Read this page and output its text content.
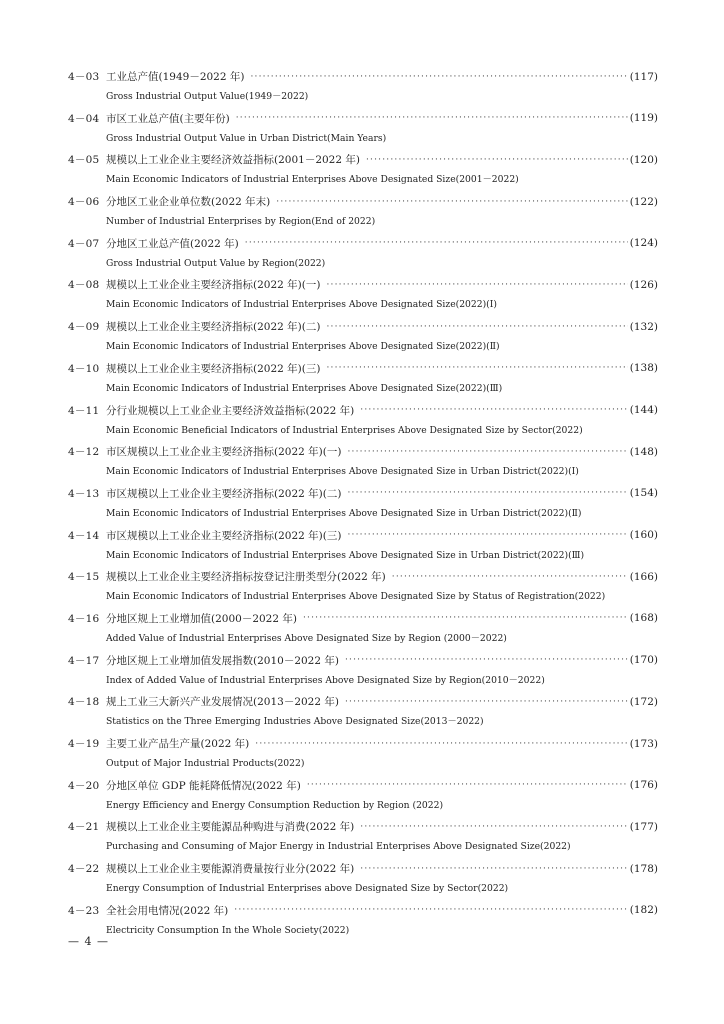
4－03 工业总产值(1949－2022 年) ·····	(117)
Gross Industrial Output Value(1949－2022)
4－04 市区工业总产值(主要年份) ·····	(119)
Gross Industrial Output Value in Urban District(Main Years)
4－05 规模以上工业企业主要经济效益指标(2001－2022 年) ·····	(120)
Main Economic Indicators of Industrial Enterprises Above Designated Size(2001－2022)
4－06 分地区工业企业单位数(2022 年末) ·····	(122)
Number of Industrial Enterprises by Region(End of 2022)
4－07 分地区工业总产值(2022 年) ·····	(124)
Gross Industrial Output Value by Region(2022)
4－08 规模以上工业企业主要经济指标(2022 年)(一) ·····	(126)
Main Economic Indicators of Industrial Enterprises Above Designated Size(2022)(Ⅰ)
4－09 规模以上工业企业主要经济指标(2022 年)(二) ·····	(132)
Main Economic Indicators of Industrial Enterprises Above Designated Size(2022)(Ⅱ)
4－10 规模以上工业企业主要经济指标(2022 年)(三) ·····	(138)
Main Economic Indicators of Industrial Enterprises Above Designated Size(2022)(Ⅲ)
4－11 分行业规模以上工业企业主要经济效益指标(2022 年) ·····	(144)
Main Economic Beneficial Indicators of Industrial Enterprises Above Designated Size by Sector(2022)
4－12 市区规模以上工业企业主要经济指标(2022 年)(一) ·····	(148)
Main Economic Indicators of Industrial Enterprises Above Designated Size in Urban District(2022)(Ⅰ)
4－13 市区规模以上工业企业主要经济指标(2022 年)(二) ·····	(154)
Main Economic Indicators of Industrial Enterprises Above Designated Size in Urban District(2022)(Ⅱ)
4－14 市区规模以上工业企业主要经济指标(2022 年)(三) ·····	(160)
Main Economic Indicators of Industrial Enterprises Above Designated Size in Urban District(2022)(Ⅲ)
4－15 规模以上工业企业主要经济指标按登记注册类型分(2022 年) ·····	(166)
Main Economic Indicators of Industrial Enterprises Above Designated Size by Status of Registration(2022)
4－16 分地区规上工业增加值(2000－2022 年) ·····	(168)
Added Value of Industrial Enterprises Above Designated Size by Region (2000－2022)
4－17 分地区规上工业增加值发展指数(2010－2022 年) ·····	(170)
Index of Added Value of Industrial Enterprises Above Designated Size by Region(2010－2022)
4－18 规上工业三大新兴产业发展情况(2013－2022 年) ·····	(172)
Statistics on the Three Emerging Industries Above Designated Size(2013－2022)
4－19 主要工业产品生产量(2022 年) ·····	(173)
Output of Major Industrial Products(2022)
4－20 分地区单位 GDP 能耗降低情况(2022 年) ·····	(176)
Energy Efficiency and Energy Consumption Reduction by Region (2022)
4－21 规模以上工业企业主要能源品种购进与消费(2022 年) ·····	(177)
Purchasing and Consuming of Major Energy in Industrial Enterprises Above Designated Size(2022)
4－22 规模以上工业企业主要能源消费量按行业分(2022 年) ·····	(178)
Energy Consumption of Industrial Enterprises above Designated Size by Sector(2022)
4－23 全社会用电情况(2022 年) ·····	(182)
Electricity Consumption In the Whole Society(2022)
— 4 —
